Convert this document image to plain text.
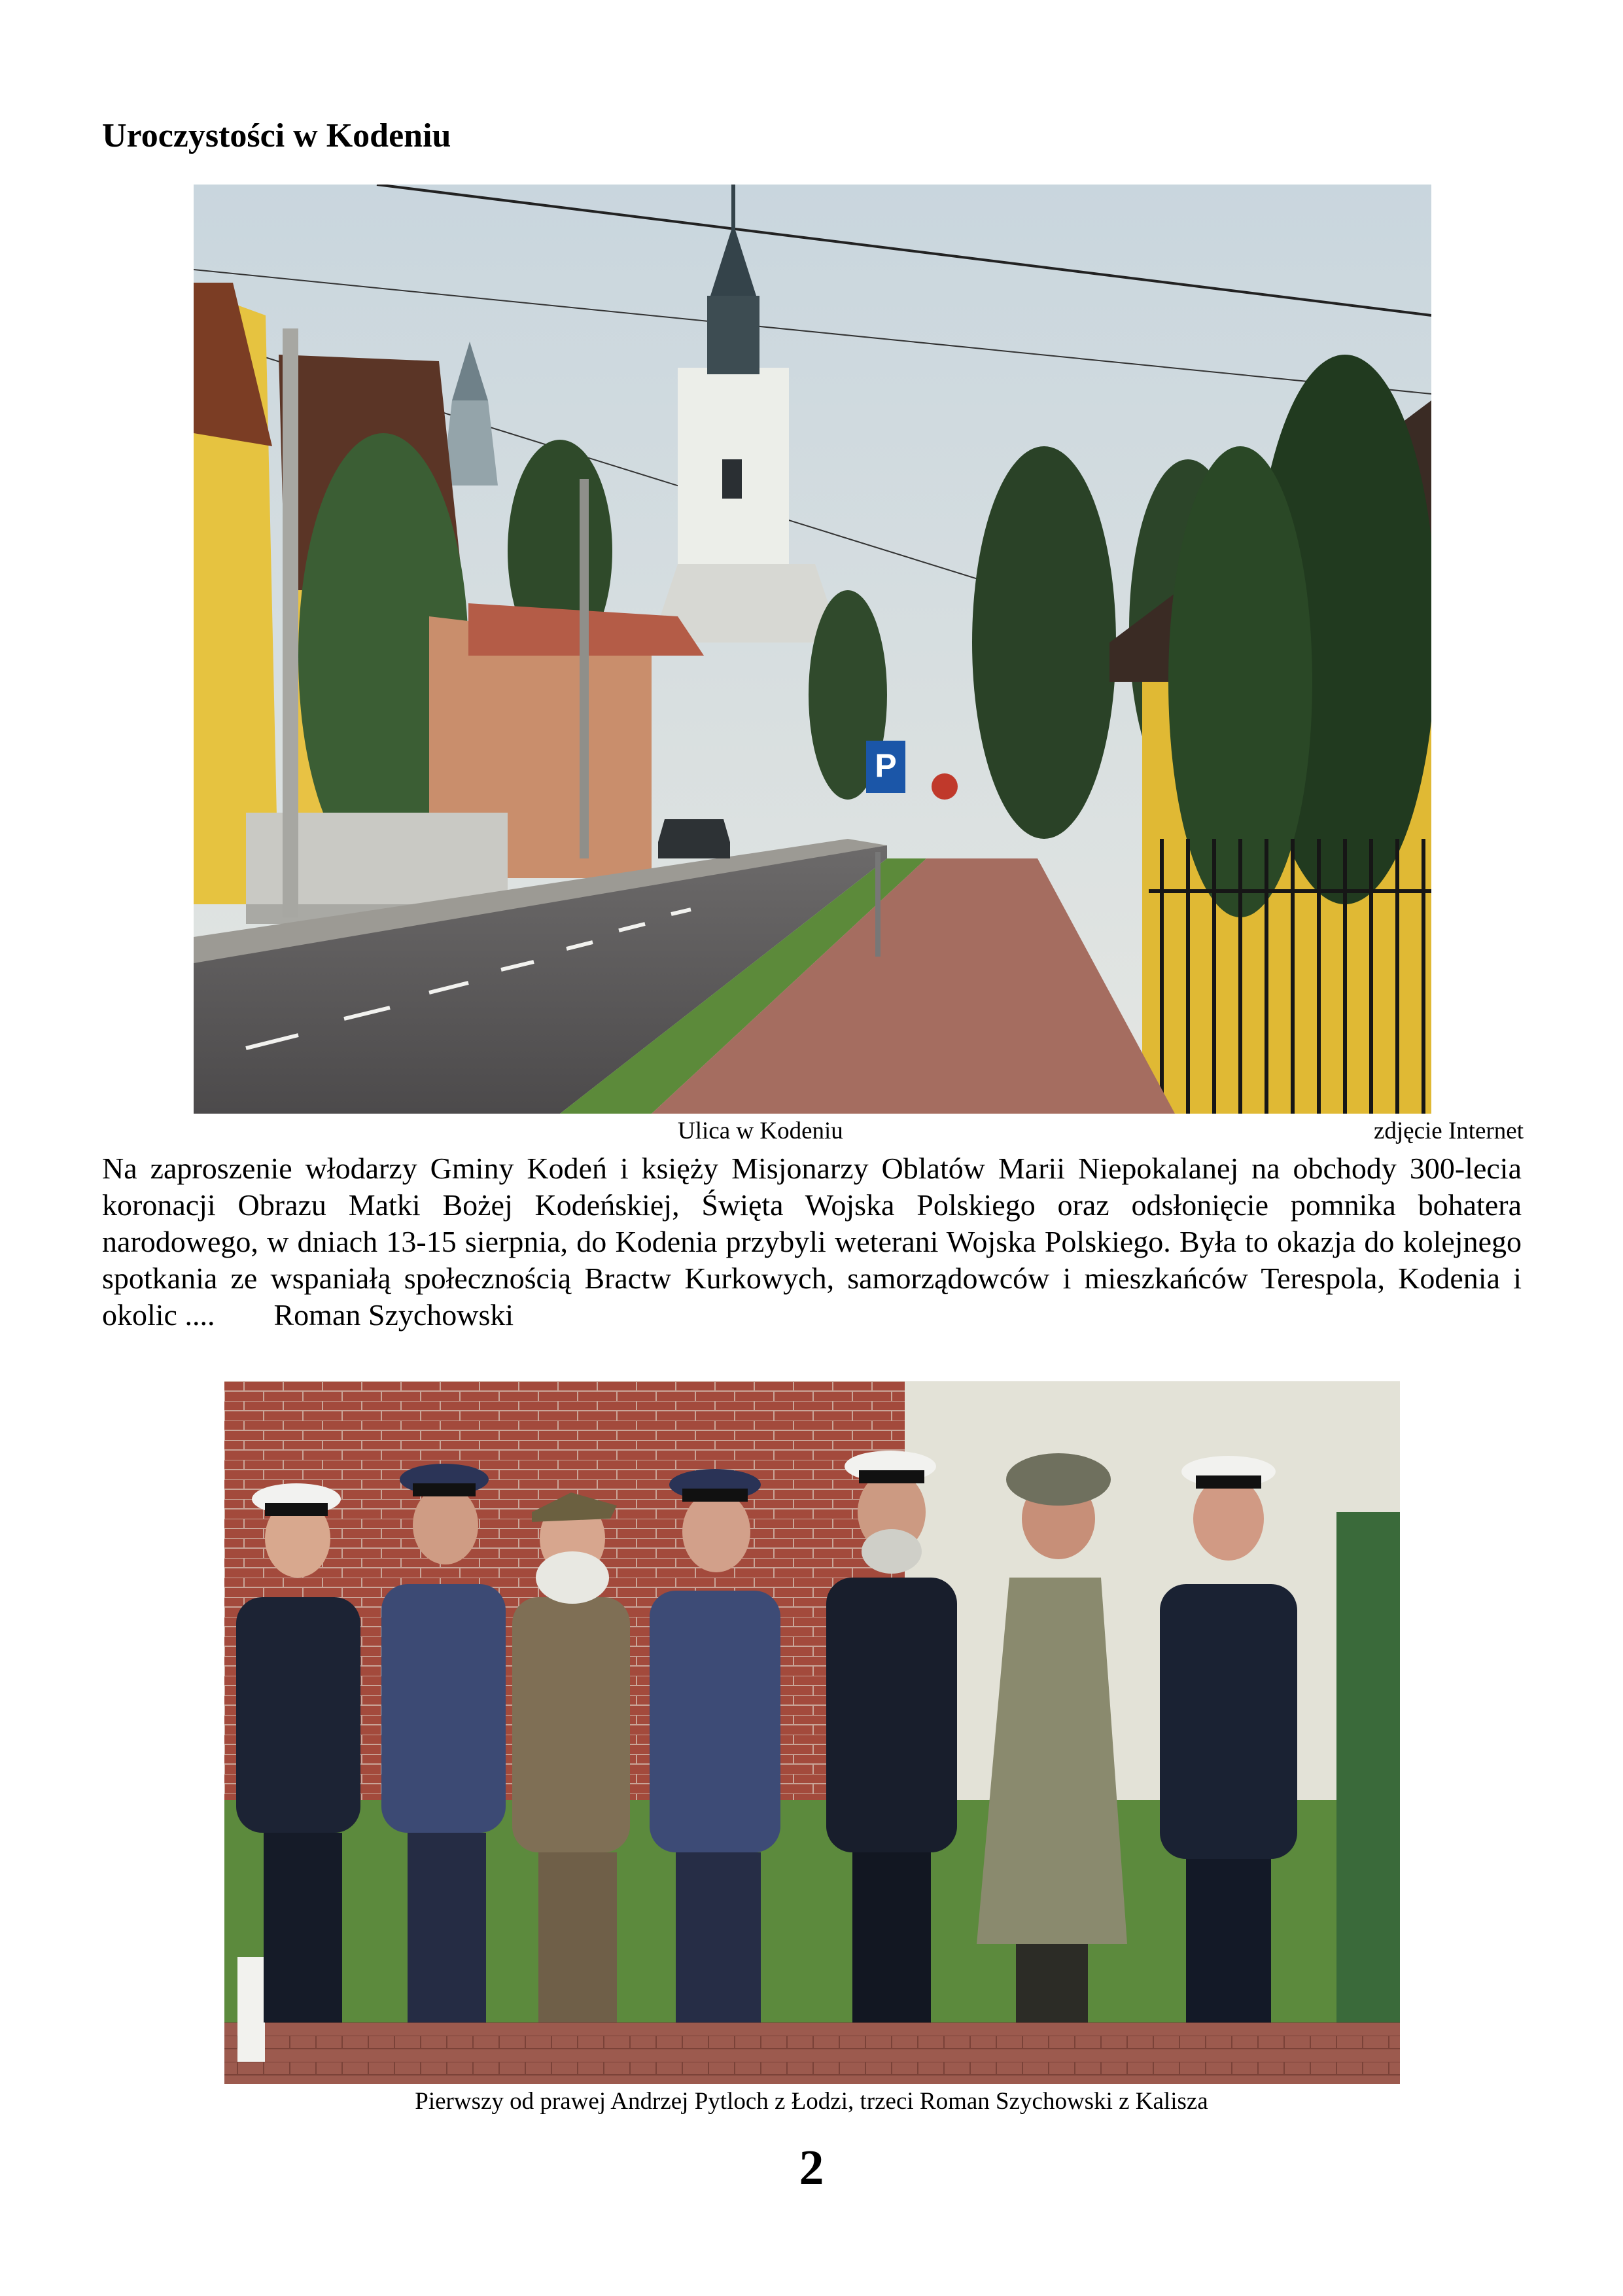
Uroczystości w Kodeniu
P
Ulica w Kodeniu	zdjęcie Internet

Na zaproszenie włodarzy Gminy Kodeń i księży Misjonarzy Oblatów Marii Niepokalanej na obchody 300-lecia koronacji Obrazu Matki Bożej Kodeńskiej, Święta Wojska Polskiego oraz odsłonięcie pomnika bohatera narodowego, w dniach 13-15 sierpnia, do Kodenia przybyli weterani Wojska Polskiego. Była to okazja do kolejnego spotkania ze wspaniałą społecznością Bractw Kurkowych, samorządowców i mieszkańców Terespola, Kodenia i okolic .... Roman Szychowski

Pierwszy od prawej Andrzej Pytloch z Łodzi, trzeci Roman Szychowski z Kalisza
2
